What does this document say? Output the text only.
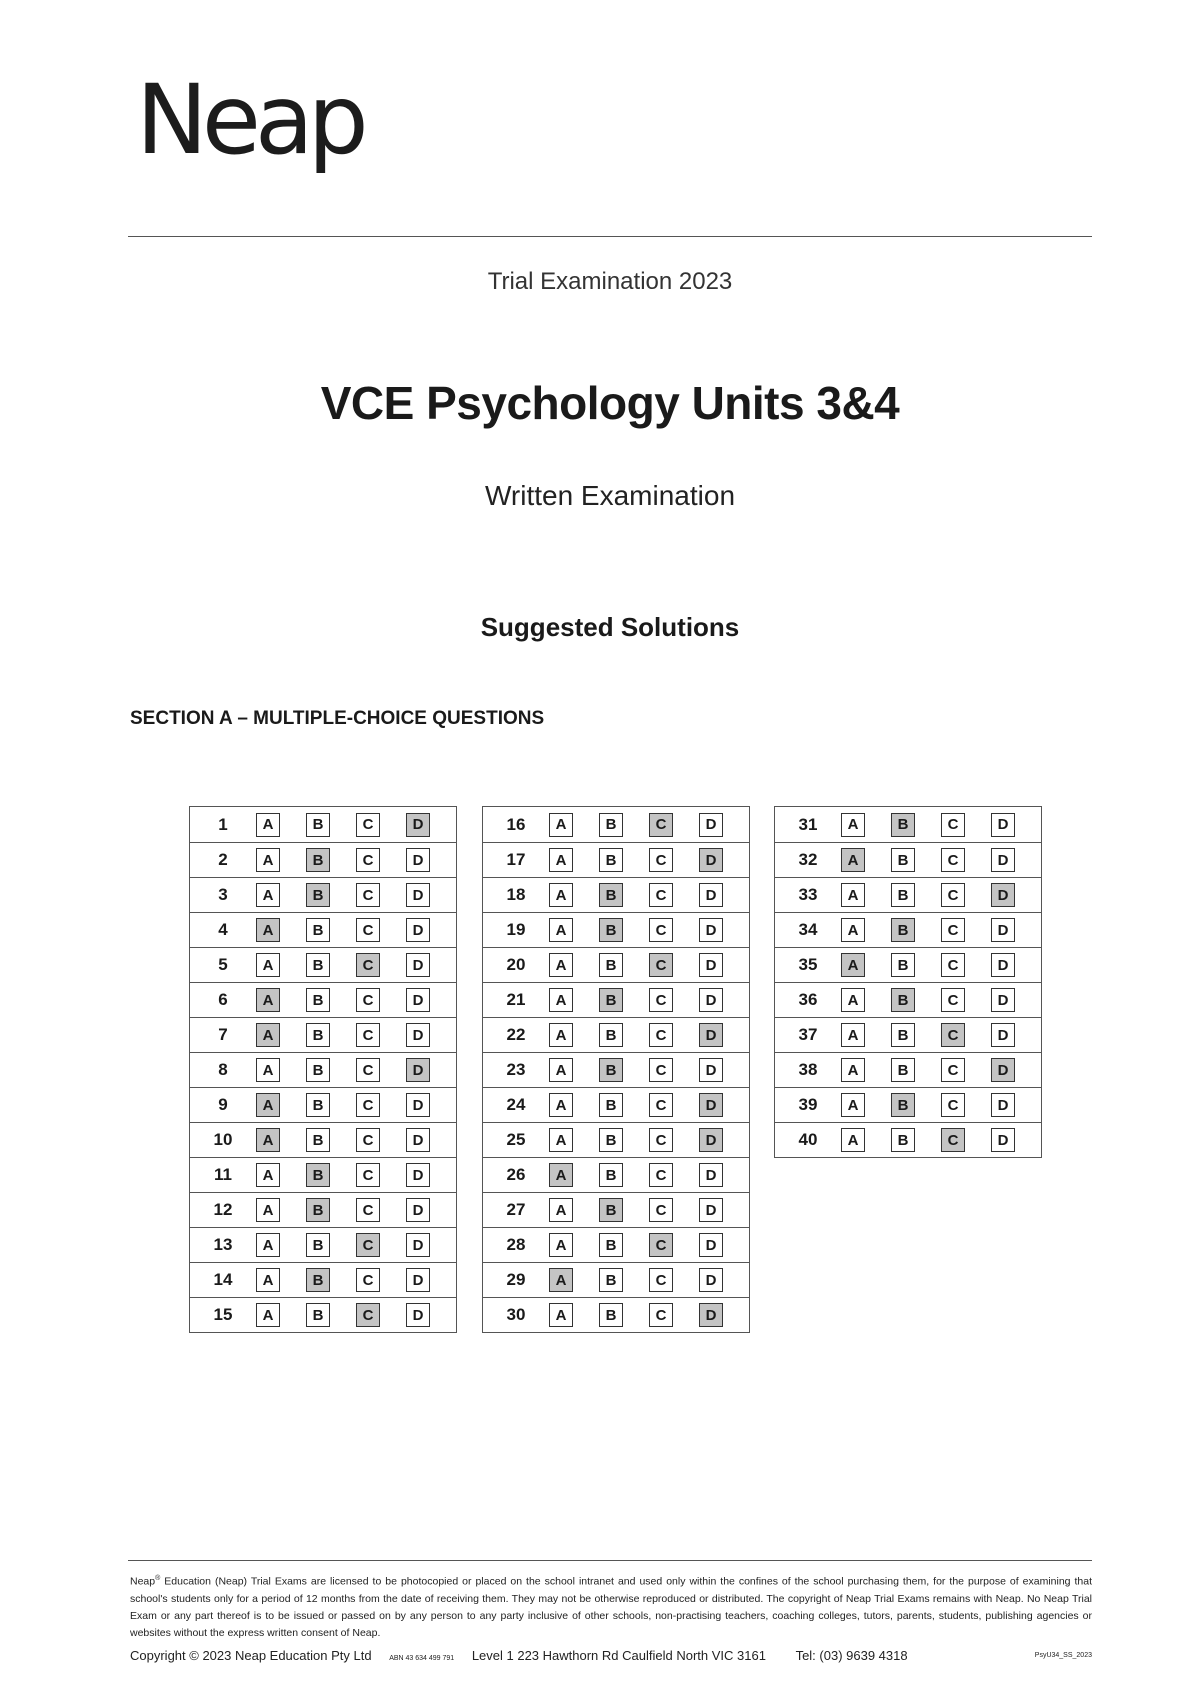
Neap
Trial Examination 2023
VCE Psychology Units 3&4
Written Examination
Suggested Solutions
SECTION A – MULTIPLE-CHOICE QUESTIONS
1	A	B	C	D
2	A	B	C	D
3	A	B	C	D
4	A	B	C	D
5	A	B	C	D
6	A	B	C	D
7	A	B	C	D
8	A	B	C	D
9	A	B	C	D
10	A	B	C	D
11	A	B	C	D
12	A	B	C	D
13	A	B	C	D
14	A	B	C	D
15	A	B	C	D
16	A	B	C	D
17	A	B	C	D
18	A	B	C	D
19	A	B	C	D
20	A	B	C	D
21	A	B	C	D
22	A	B	C	D
23	A	B	C	D
24	A	B	C	D
25	A	B	C	D
26	A	B	C	D
27	A	B	C	D
28	A	B	C	D
29	A	B	C	D
30	A	B	C	D
31	A	B	C	D
32	A	B	C	D
33	A	B	C	D
34	A	B	C	D
35	A	B	C	D
36	A	B	C	D
37	A	B	C	D
38	A	B	C	D
39	A	B	C	D
40	A	B	C	D
Neap® Education (Neap) Trial Exams are licensed to be photocopied or placed on the school intranet and used only within the confines of the school purchasing them, for the purpose of examining that school's students only for a period of 12 months from the date of receiving them. They may not be otherwise reproduced or distributed. The copyright of Neap Trial Exams remains with Neap. No Neap Trial Exam or any part thereof is to be issued or passed on by any person to any party inclusive of other schools, non-practising teachers, coaching colleges, tutors, parents, students, publishing agencies or websites without the express written consent of Neap.
Copyright © 2023 Neap Education Pty Ltd	ABN 43 634 499 791 Level 1 223 Hawthorn Rd Caulfield North VIC 3161 Tel: (03) 9639 4318	PsyU34_SS_2023
